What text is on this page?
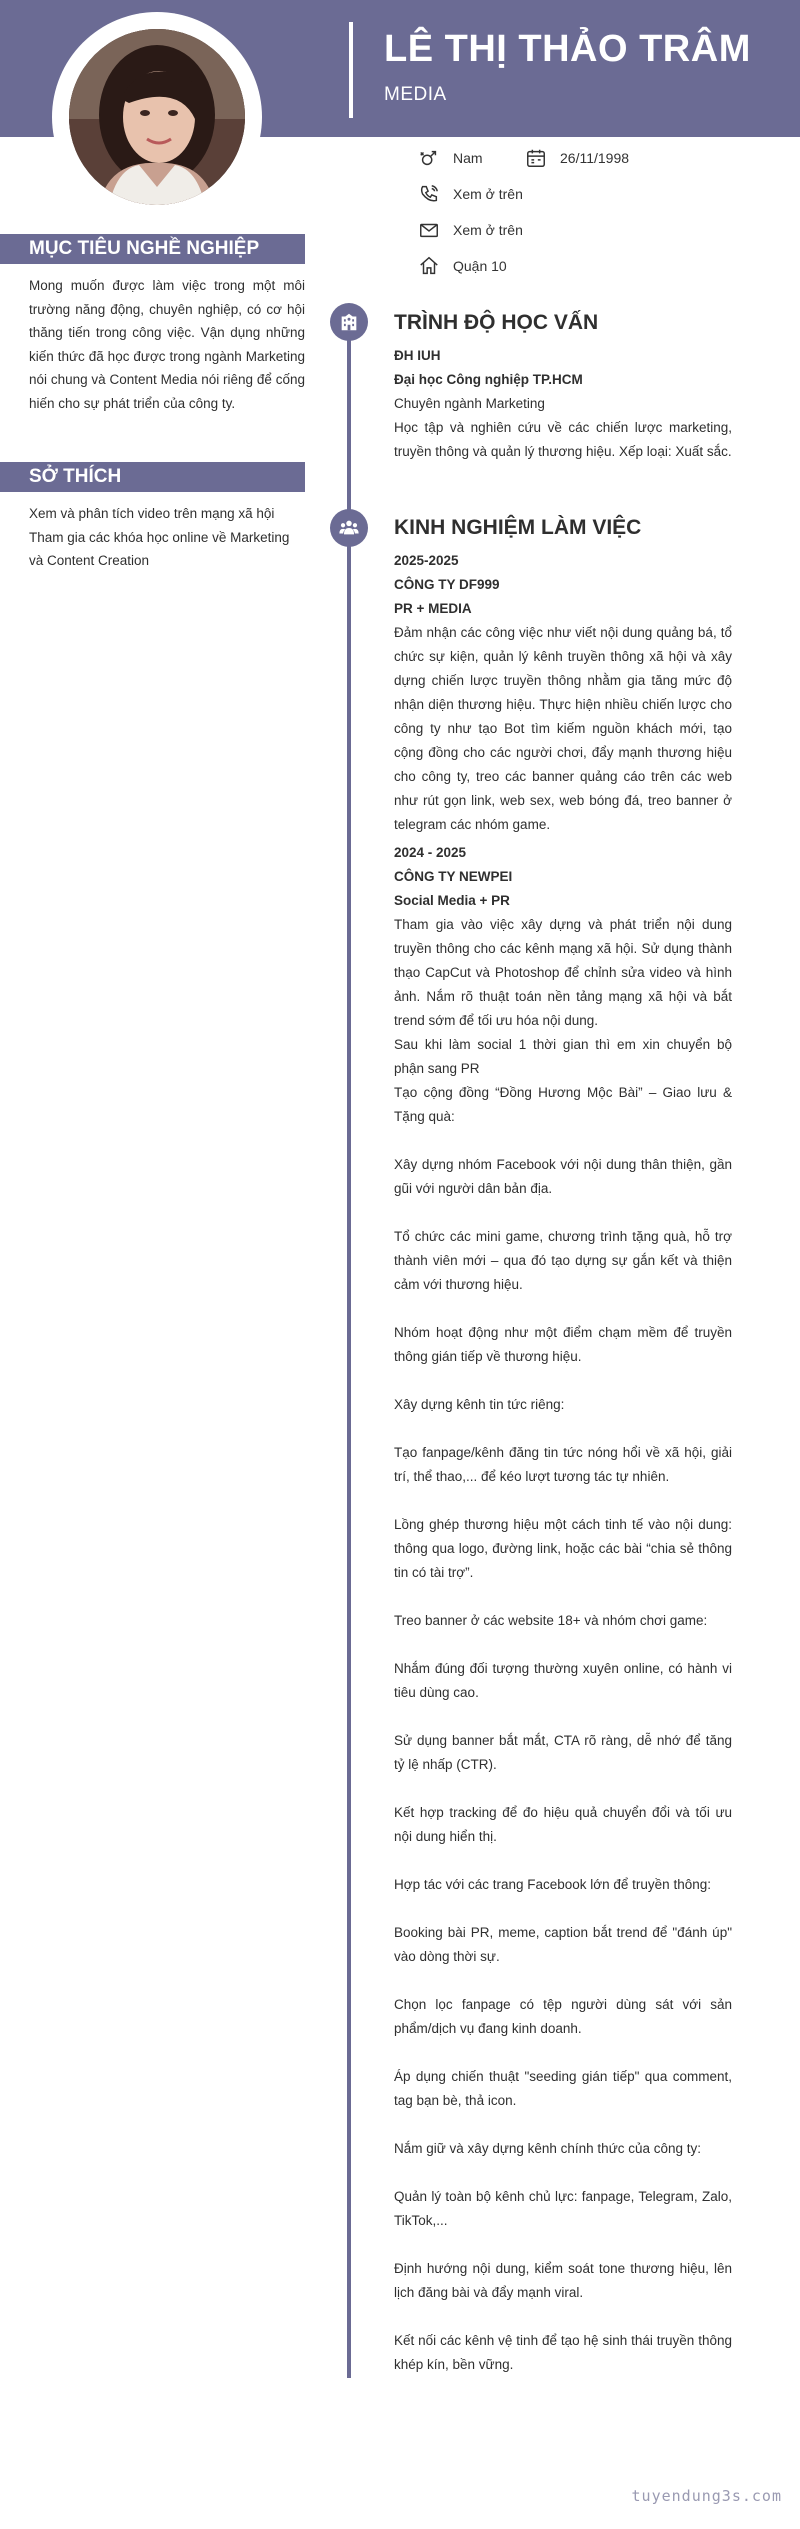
LÊ THỊ THẢO TRÂM
MEDIA
Nam	26/11/1998
Xem ở trên
Xem ở trên
Quận 10
MỤC TIÊU NGHỀ NGHIỆP
Mong muốn được làm việc trong một môi trường năng động, chuyên nghiệp, có cơ hội thăng tiến trong công việc. Vận dụng những kiến thức đã học được trong ngành Marketing nói chung và Content Media nói riêng để cống hiến cho sự phát triển của công ty.
SỞ THÍCH
Xem và phân tích video trên mạng xã hội
Tham gia các khóa học online về Marketing và Content Creation
TRÌNH ĐỘ HỌC VẤN

ĐH IUH

Đại học Công nghiệp TP.HCM

Chuyên ngành Marketing

Học tập và nghiên cứu về các chiến lược marketing, truyền thông và quản lý thương hiệu. Xếp loại: Xuất sắc.

KINH NGHIỆM LÀM VIỆC

2025-2025

CÔNG TY DF999

PR + MEDIA

Đảm nhận các công việc như viết nội dung quảng bá, tổ chức sự kiện, quản lý kênh truyền thông xã hội và xây dựng chiến lược truyền thông nhằm gia tăng mức độ nhận diện thương hiệu. Thực hiện nhiều chiến lược cho công ty như tạo Bot tìm kiếm nguồn khách mới, tạo cộng đồng cho các người chơi, đẩy mạnh thương hiệu cho công ty, treo các banner quảng cáo trên các web như rút gọn link, web sex, web bóng đá, treo banner ở telegram các nhóm game.

2024 - 2025

CÔNG TY NEWPEI

Social Media + PR

Tham gia vào việc xây dựng và phát triển nội dung truyền thông cho các kênh mạng xã hội. Sử dụng thành thạo CapCut và Photoshop để chỉnh sửa video và hình ảnh. Nắm rõ thuật toán nền tảng mạng xã hội và bắt trend sớm để tối ưu hóa nội dung.

Sau khi làm social 1 thời gian thì em xin chuyển bộ phận sang PR

Tạo cộng đồng “Đồng Hương Mộc Bài” – Giao lưu & Tặng quà:

Xây dựng nhóm Facebook với nội dung thân thiện, gần gũi với người dân bản địa.

Tổ chức các mini game, chương trình tặng quà, hỗ trợ thành viên mới – qua đó tạo dựng sự gắn kết và thiện cảm với thương hiệu.

Nhóm hoạt động như một điểm chạm mềm để truyền thông gián tiếp về thương hiệu.

Xây dựng kênh tin tức riêng:

Tạo fanpage/kênh đăng tin tức nóng hổi về xã hội, giải trí, thể thao,... để kéo lượt tương tác tự nhiên.

Lồng ghép thương hiệu một cách tinh tế vào nội dung: thông qua logo, đường link, hoặc các bài “chia sẻ thông tin có tài trợ”.

Treo banner ở các website 18+ và nhóm chơi game:

Nhắm đúng đối tượng thường xuyên online, có hành vi tiêu dùng cao.

Sử dụng banner bắt mắt, CTA rõ ràng, dễ nhớ để tăng tỷ lệ nhấp (CTR).

Kết hợp tracking để đo hiệu quả chuyển đổi và tối ưu nội dung hiển thị.

Hợp tác với các trang Facebook lớn để truyền thông:

Booking bài PR, meme, caption bắt trend để "đánh úp" vào dòng thời sự.

Chọn lọc fanpage có tệp người dùng sát với sản phẩm/dịch vụ đang kinh doanh.

Áp dụng chiến thuật "seeding gián tiếp" qua comment, tag bạn bè, thả icon.

Nắm giữ và xây dựng kênh chính thức của công ty:

Quản lý toàn bộ kênh chủ lực: fanpage, Telegram, Zalo, TikTok,...

Định hướng nội dung, kiểm soát tone thương hiệu, lên lịch đăng bài và đẩy mạnh viral.

Kết nối các kênh vệ tinh để tạo hệ sinh thái truyền thông khép kín, bền vững.

tuyendung3s.com
